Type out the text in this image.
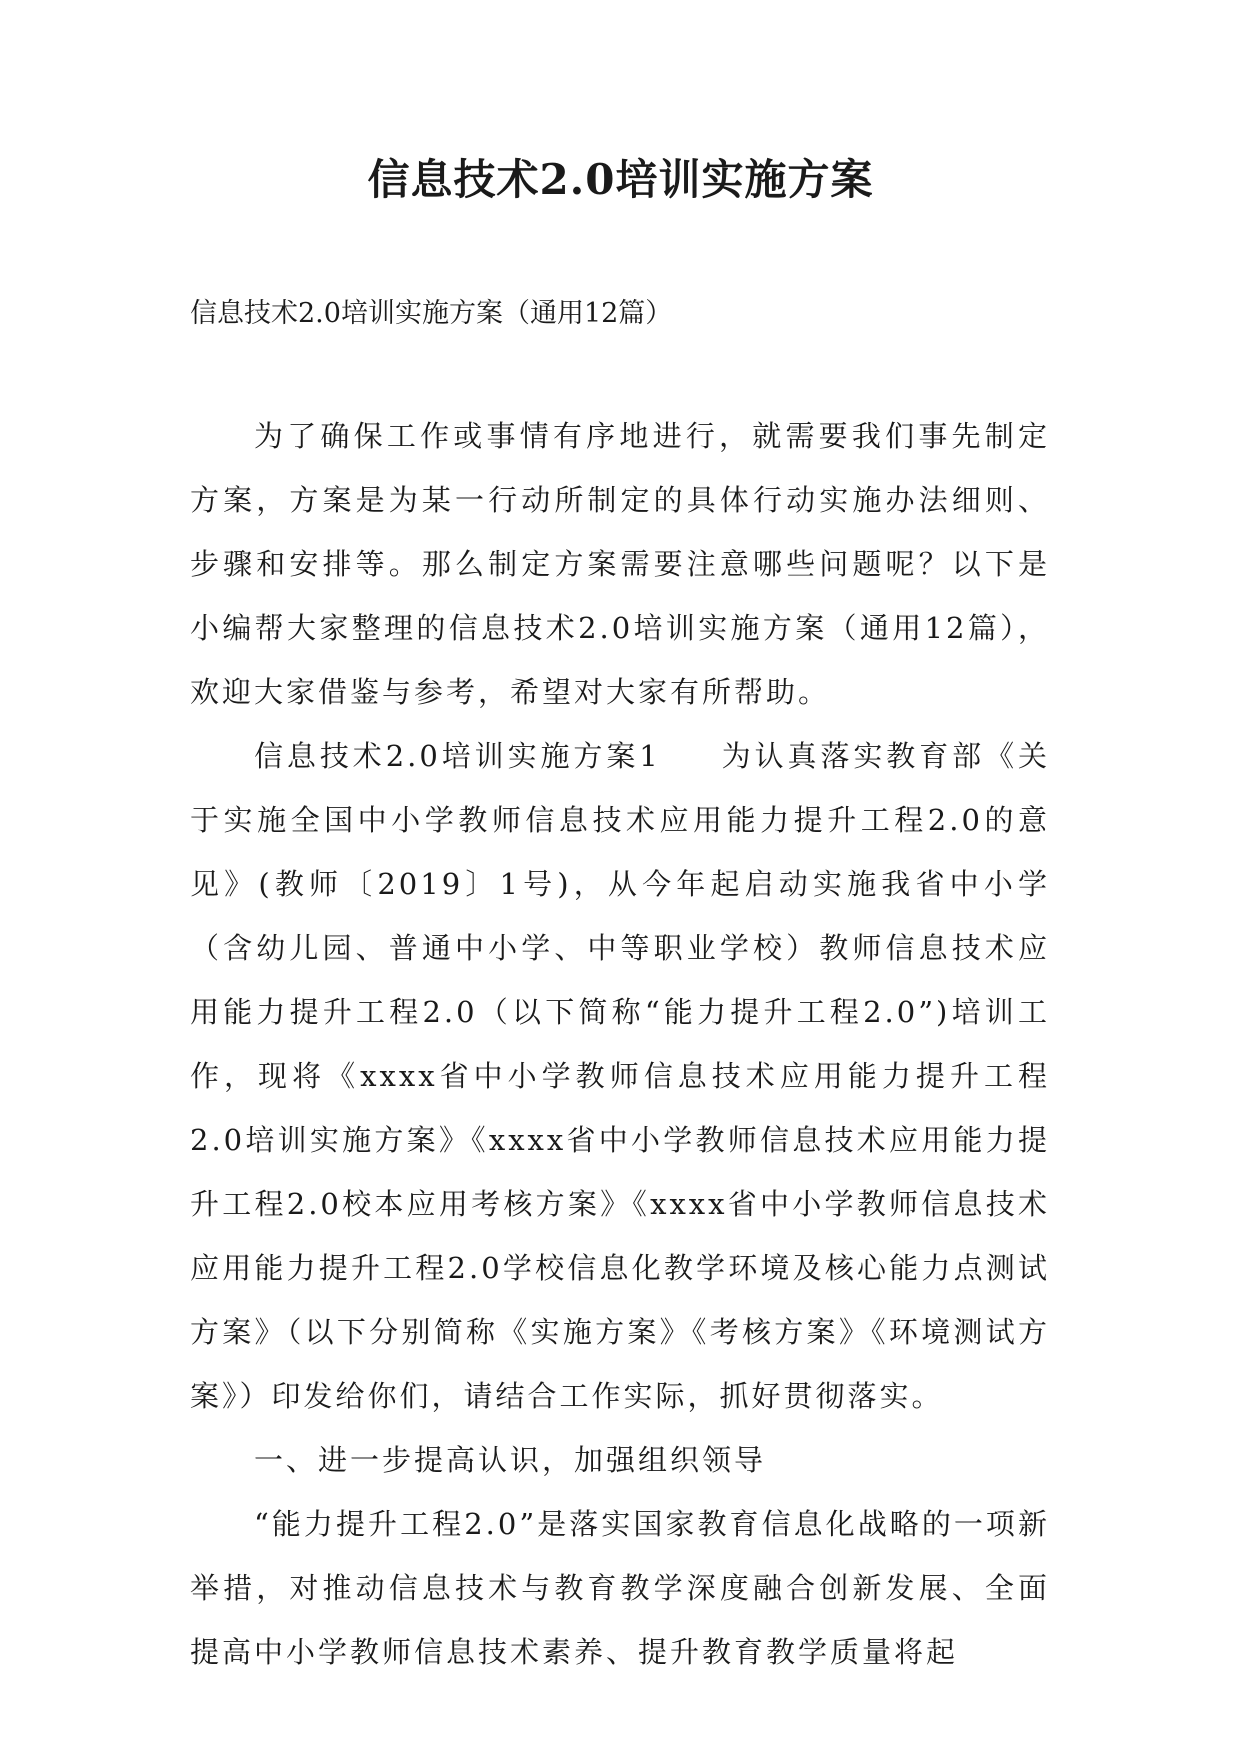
信息技术2.0培训实施方案
信息技术2.0培训实施方案（通用12篇）

为了确保工作或事情有序地进行，就需要我们事先制定方案，方案是为某一行动所制定的具体行动实施办法细则、步骤和安排等。那么制定方案需要注意哪些问题呢？以下是小编帮大家整理的信息技术2.0培训实施方案（通用12篇），欢迎大家借鉴与参考，希望对大家有所帮助。

信息技术2.0培训实施方案1 为认真落实教育部《关于实施全国中小学教师信息技术应用能力提升工程2.0的意见》(教师〔2019〕1号)，从今年起启动实施我省中小学（含幼儿园、普通中小学、中等职业学校）教师信息技术应用能力提升工程2.0（以下简称“能力提升工程2.0”)培训工作，现将《xxxx省中小学教师信息技术应用能力提升工程2.0培训实施方案》《xxxx省中小学教师信息技术应用能力提升工程2.0校本应用考核方案》《xxxx省中小学教师信息技术应用能力提升工程2.0学校信息化教学环境及核心能力点测试方案》（以下分别简称《实施方案》《考核方案》《环境测试方案》）印发给你们，请结合工作实际，抓好贯彻落实。

一、进一步提高认识，加强组织领导

“能力提升工程2.0”是落实国家教育信息化战略的一项新举措，对推动信息技术与教育教学深度融合创新发展、全面提高中小学教师信息技术素养、提升教育教学质量将起
